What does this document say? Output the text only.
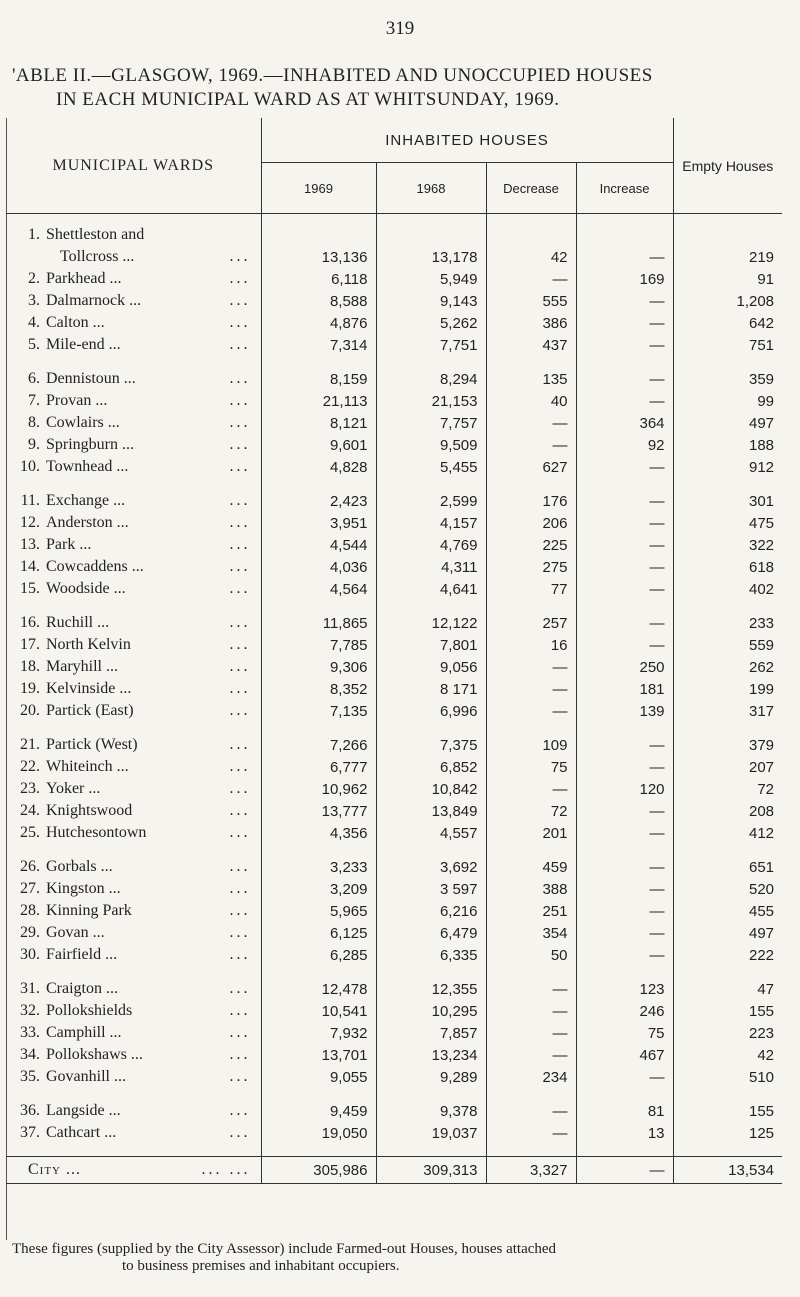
319
'ABLE II.—GLASGOW, 1969.—INHABITED AND UNOCCUPIED HOUSES
IN EACH MUNICIPAL WARD AS AT WHITSUNDAY, 1969.
MUNICIPAL WARDS	INHABITED HOUSES				Empty Houses
	1969	1968	Decrease	Increase	
1. Shettleston and					
Tollcross ... ...	13,136	13,178	42	—	219
2. Parkhead ... ...	6,118	5,949	—	169	91
3. Dalmarnock ... ...	8,588	9,143	555	—	1,208
4. Calton ... ...	4,876	5,262	386	—	642
5. Mile-end ... ...	7,314	7,751	437	—	751

6. Dennistoun ... ...	8,159	8,294	135	—	359
7. Provan ... ...	21,113	21,153	40	—	99
8. Cowlairs ... ...	8,121	7,757	—	364	497
9. Springburn ... ...	9,601	9,509	—	92	188
10. Townhead ... ...	4,828	5,455	627	—	912

11. Exchange ... ...	2,423	2,599	176	—	301
12. Anderston ... ...	3,951	4,157	206	—	475
13. Park ... ...	4,544	4,769	225	—	322
14. Cowcaddens ... ...	4,036	4,311	275	—	618
15. Woodside ... ...	4,564	4,641	77	—	402

16. Ruchill ... ...	11,865	12,122	257	—	233
17. North Kelvin ...	7,785	7,801	16	—	559
18. Maryhill ... ...	9,306	9,056	—	250	262
19. Kelvinside ... ...	8,352	8 171	—	181	199
20. Partick (East) ...	7,135	6,996	—	139	317

21. Partick (West) ...	7,266	7,375	109	—	379
22. Whiteinch ... ...	6,777	6,852	75	—	207
23. Yoker ... ...	10,962	10,842	—	120	72
24. Knightswood ...	13,777	13,849	72	—	208
25. Hutchesontown ...	4,356	4,557	201	—	412

26. Gorbals ... ...	3,233	3,692	459	—	651
27. Kingston ... ...	3,209	3 597	388	—	520
28. Kinning Park ...	5,965	6,216	251	—	455
29. Govan ... ...	6,125	6,479	354	—	497
30. Fairfield ... ...	6,285	6,335	50	—	222

31. Craigton ... ...	12,478	12,355	—	123	47
32. Pollokshields ...	10,541	10,295	—	246	155
33. Camphill ... ...	7,932	7,857	—	75	223
34. Pollokshaws ... ...	13,701	13,234	—	467	42
35. Govanhill ... ...	9,055	9,289	234	—	510

36. Langside ... ...	9,459	9,378	—	81	155
37. Cathcart ... ...	19,050	19,037	—	13	125

City ... ... ...	305,986	309,313	3,327	—	13,534
These figures (supplied by the City Assessor) include Farmed-out Houses, houses attached
to business premises and inhabitant occupiers.
